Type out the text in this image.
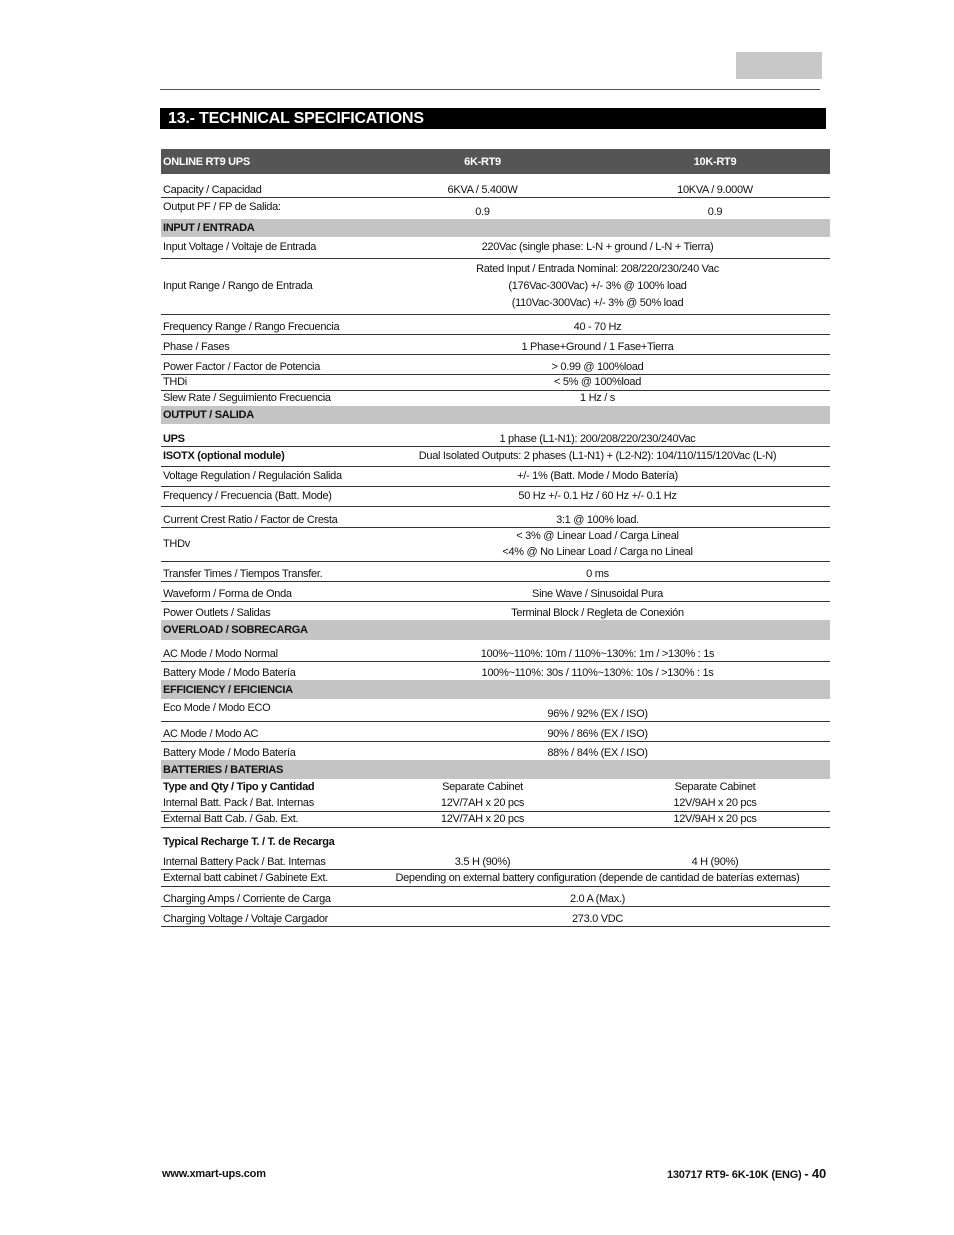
13.- TECHNICAL SPECIFICATIONS
ONLINE RT9 UPS	6K-RT9	10K-RT9
Capacity / Capacidad	6KVA / 5.400W	10KVA / 9.000W
Output PF / FP de Salida:	0.9	0.9
INPUT / ENTRADA		
Input Voltage / Voltaje de Entrada	220Vac (single phase: L-N + ground / L-N + Tierra)	
Input Range / Rango de Entrada	Rated Input / Entrada Nominal: 208/220/230/240 Vac
(176Vac-300Vac) +/- 3% @ 100% load
(110Vac-300Vac) +/- 3% @ 50% load	

Frequency Range / Rango Frecuencia	40 - 70 Hz	
Phase / Fases	1 Phase+Ground / 1 Fase+Tierra	
Power Factor / Factor de Potencia	> 0.99 @ 100%load	
THDi	< 5% @ 100%load	
Slew Rate / Seguimiento Frecuencia	1 Hz / s	
OUTPUT / SALIDA		
UPS	1 phase (L1-N1): 200/208/220/230/240Vac	
ISOTX (optional module)	Dual Isolated Outputs: 2 phases (L1-N1) + (L2-N2): 104/110/115/120Vac (L-N)	
Voltage Regulation / Regulación Salida	+/- 1% (Batt. Mode / Modo Batería)	
Frequency / Frecuencia (Batt. Mode)	50 Hz +/- 0.1 Hz / 60 Hz +/- 0.1 Hz	
Current Crest Ratio / Factor de Cresta	3:1 @ 100% load.	
THDv	< 3% @ Linear Load / Carga Lineal
<4% @ No Linear Load / Carga no Lineal	

Transfer Times / Tiempos Transfer.	0 ms	
Waveform / Forma de Onda	Sine Wave / Sinusoidal Pura	
Power Outlets / Salidas	Terminal Block / Regleta de Conexión	
OVERLOAD / SOBRECARGA		
AC Mode / Modo Normal	100%~110%: 10m / 110%~130%: 1m / >130% : 1s	
Battery Mode / Modo Batería	100%~110%: 30s / 110%~130%: 10s / >130% : 1s	
EFFICIENCY / EFICIENCIA		
Eco Mode / Modo ECO	96% / 92% (EX / ISO)	
AC Mode / Modo AC	90% / 86% (EX / ISO)	
Battery Mode / Modo Batería	88% / 84% (EX / ISO)	
BATTERIES / BATERIAS		
Type and Qty / Tipo y Cantidad	Separate Cabinet	Separate Cabinet
Internal Batt. Pack / Bat. Internas	12V/7AH x 20 pcs	12V/9AH x 20 pcs
External Batt Cab. / Gab. Ext.	12V/7AH x 20 pcs	12V/9AH x 20 pcs
Typical Recharge T. / T. de Recarga		
Internal Battery Pack / Bat. Internas	3.5 H (90%)	4 H (90%)
External batt cabinet / Gabinete Ext.	Depending on external battery configuration (depende de cantidad de baterías externas)	
Charging Amps / Corriente de Carga	2.0 A (Max.)	
Charging Voltage / Voltaje Cargador	273.0 VDC	
www.xmart-ups.com	130717 RT9- 6K-10K (ENG) - 40
